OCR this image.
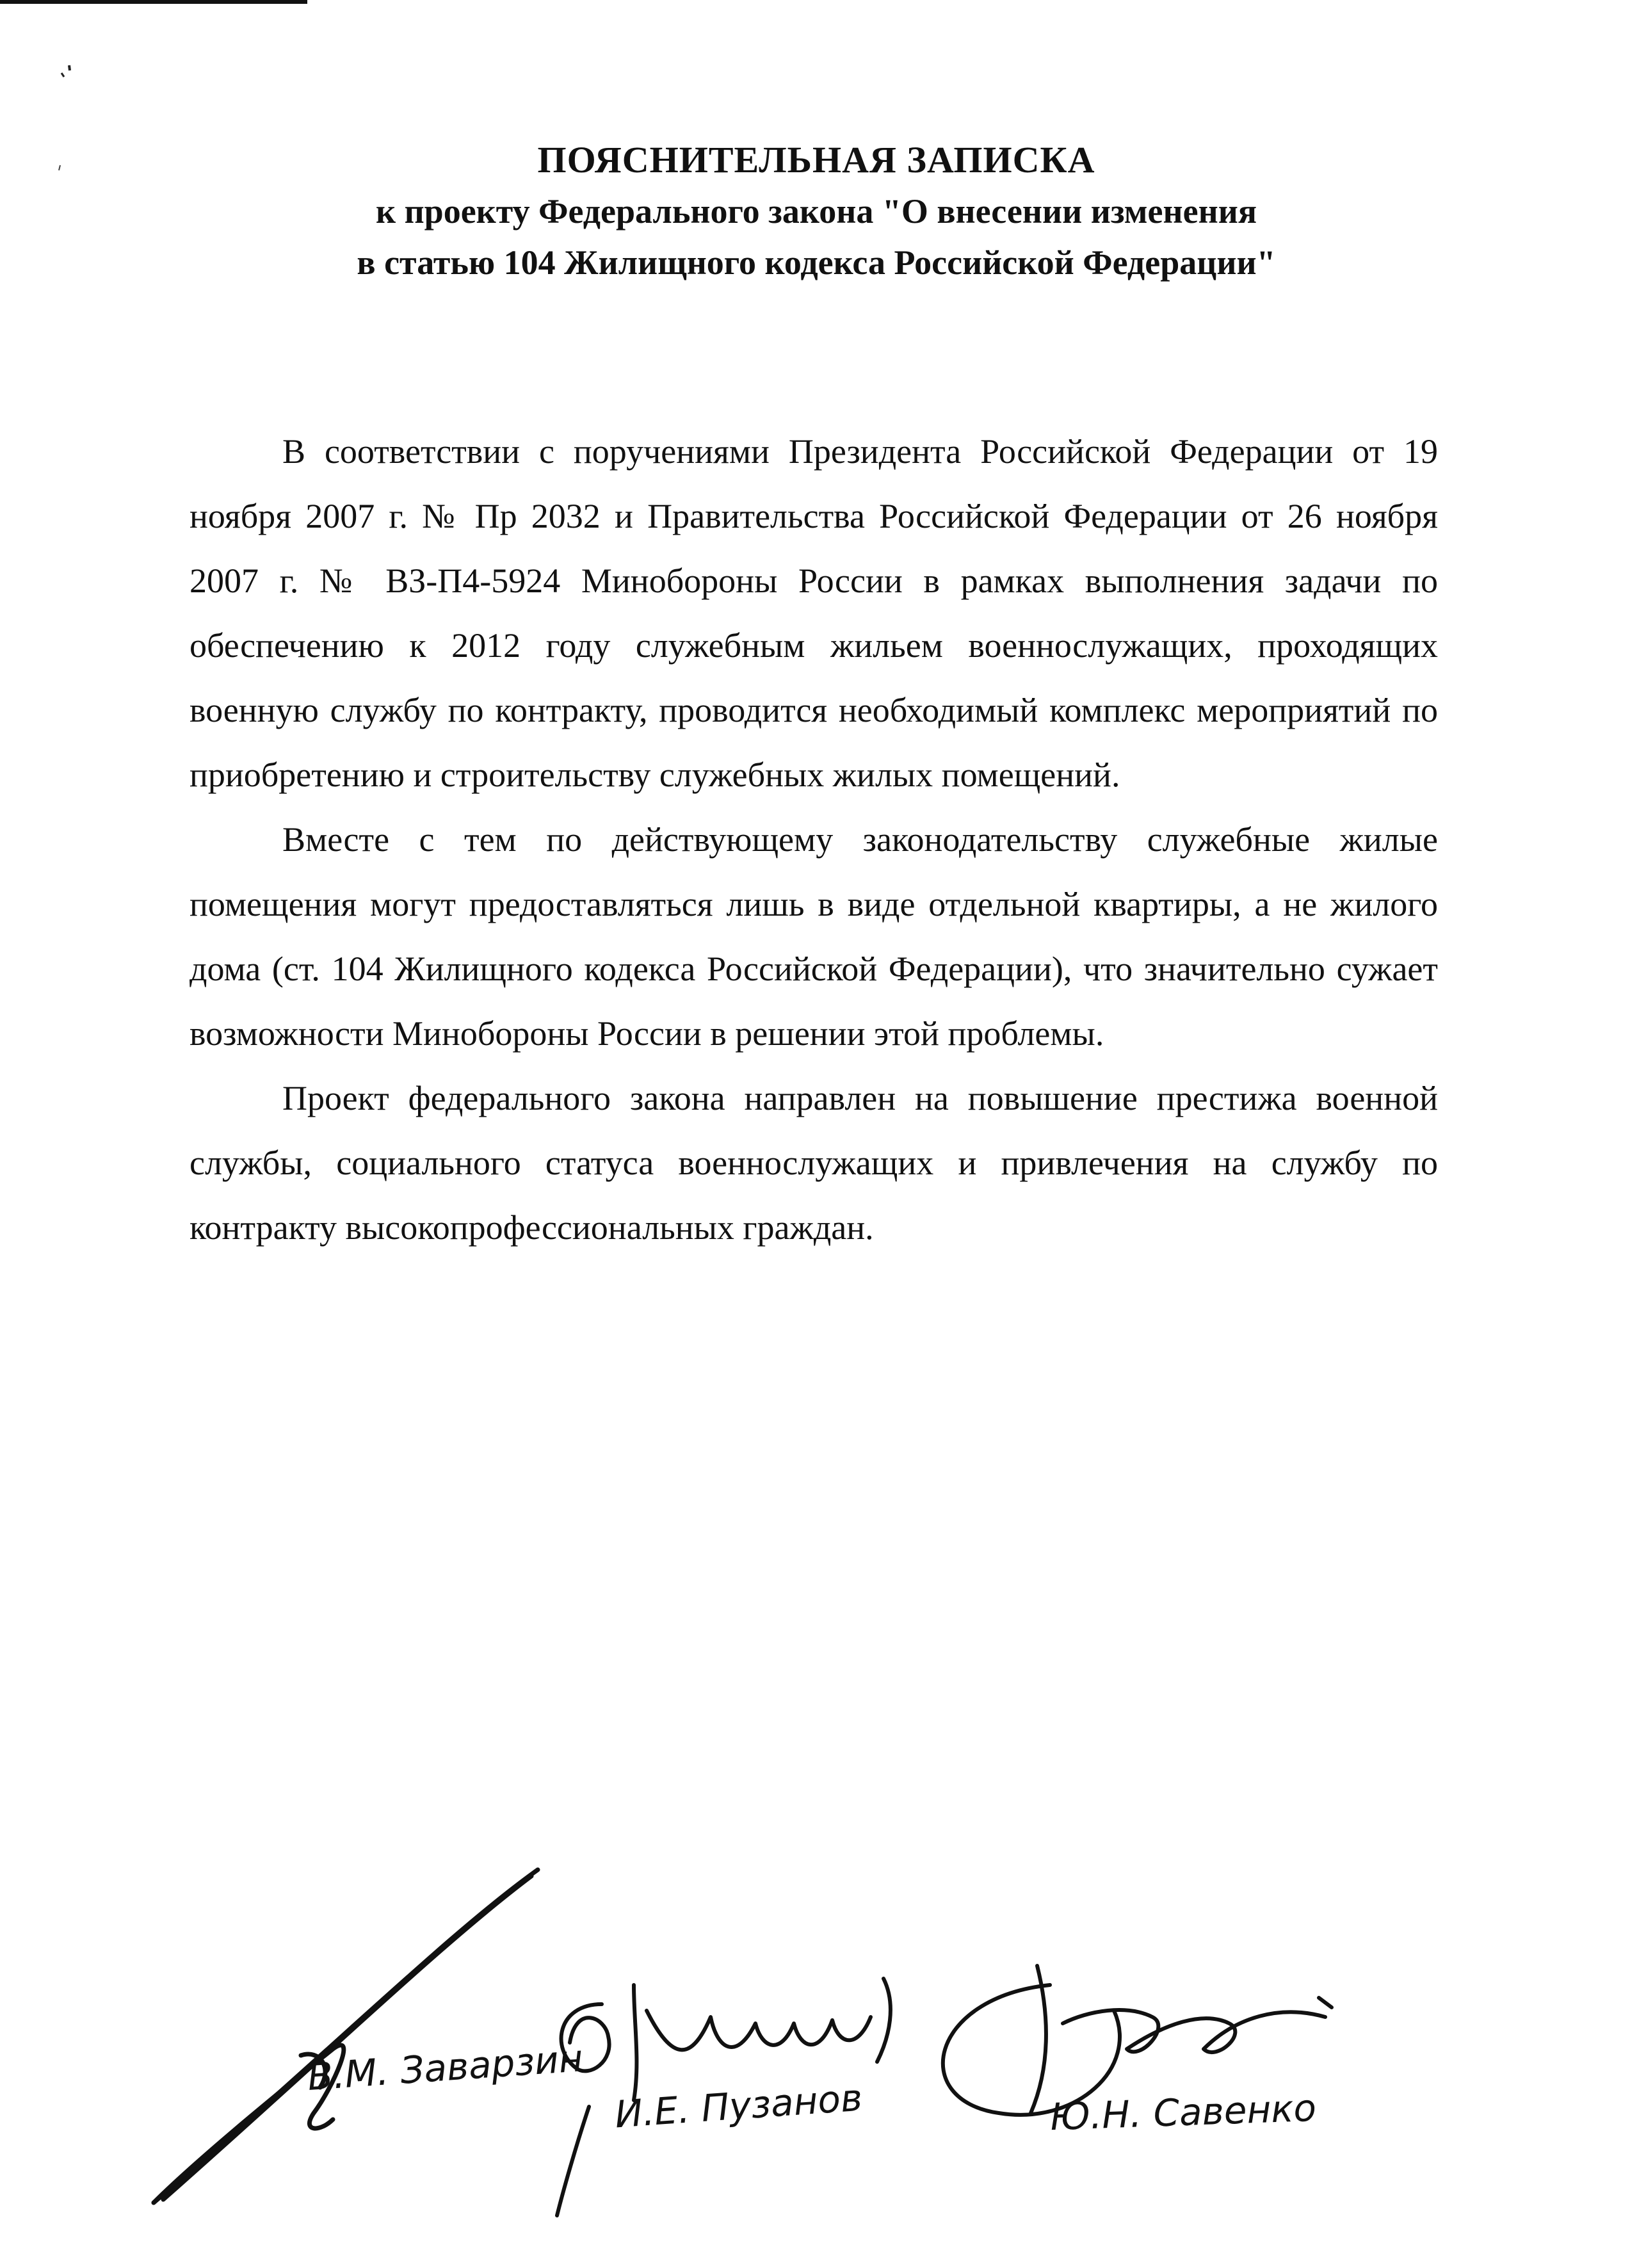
ПОЯСНИТЕЛЬНАЯ ЗАПИСКА
к проекту Федерального закона "О внесении изменения
в статью 104 Жилищного кодекса Российской Федерации"

В соответствии с поручениями Президента Российской Федерации от 19 ноября 2007 г. № Пр 2032 и Правительства Российской Федерации от 26 ноября 2007 г. № ВЗ-П4-5924 Минобороны России в рамках выполнения задачи по обеспечению к 2012 году служебным жильем военнослужащих, проходящих военную службу по контракту, проводится необходимый комплекс мероприятий по приобретению и строительству служебных жилых помещений.

Вместе с тем по действующему законодательству служебные жилые помещения могут предоставляться лишь в виде отдельной квартиры, а не жилого дома (ст. 104 Жилищного кодекса Российской Федерации), что значительно сужает возможности Минобороны России в решении этой проблемы.

Проект федерального закона направлен на повышение престижа военной службы, социального статуса военнослужащих и привлечения на службу по контракту высокопрофессиональных граждан.

В.М. Заварзин
И.Е. Пузанов	Ю.Н. Савенко
